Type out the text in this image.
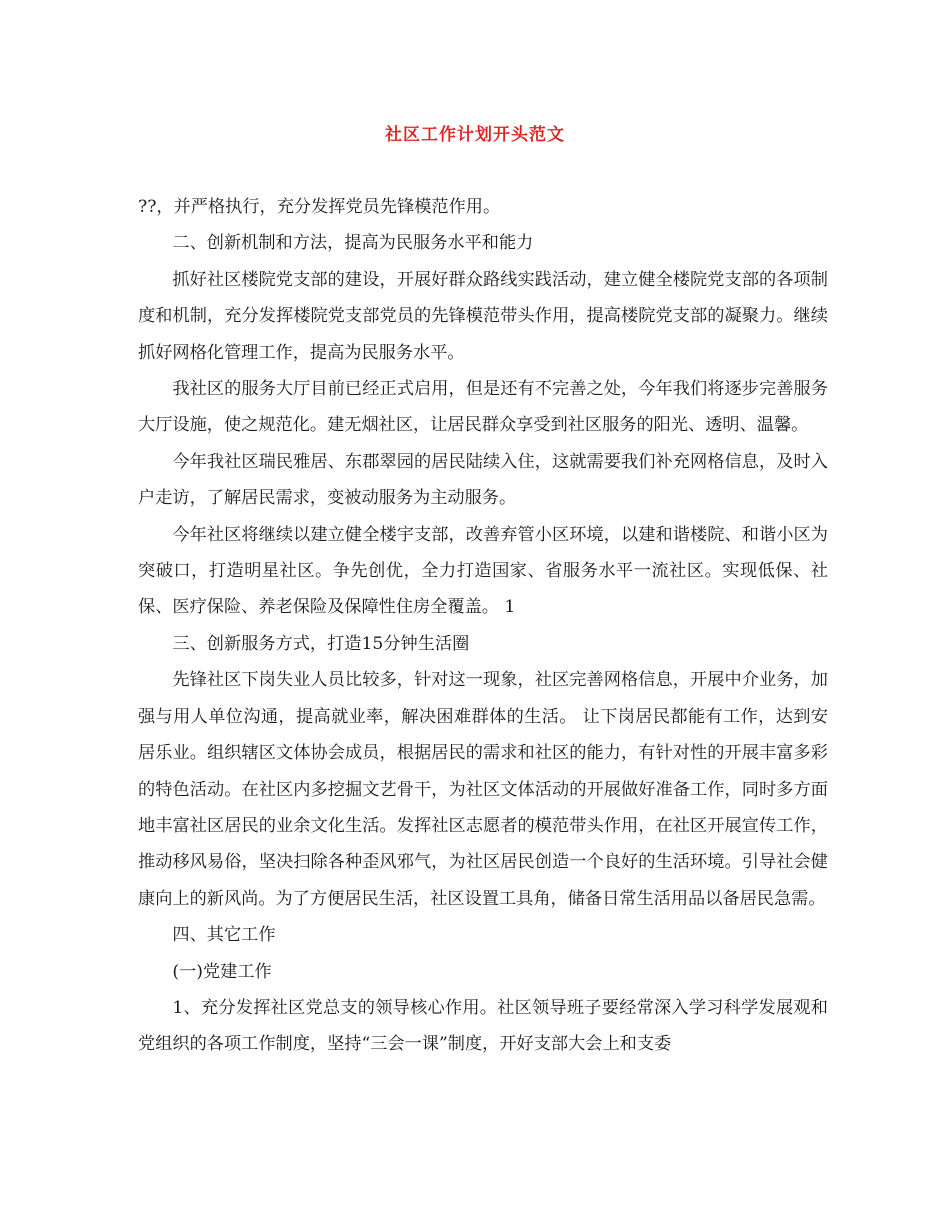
社区工作计划开头范文

??，并严格执行，充分发挥党员先锋模范作用。

二、创新机制和方法，提高为民服务水平和能力

抓好社区楼院党支部的建设，开展好群众路线实践活动，建立健全楼院党支部的各项制度和机制，充分发挥楼院党支部党员的先锋模范带头作用，提高楼院党支部的凝聚力。继续抓好网格化管理工作，提高为民服务水平。

我社区的服务大厅目前已经正式启用，但是还有不完善之处，今年我们将逐步完善服务大厅设施，使之规范化。建无烟社区，让居民群众享受到社区服务的阳光、透明、温馨。

今年我社区瑞民雅居、东郡翠园的居民陆续入住，这就需要我们补充网格信息，及时入户走访，了解居民需求，变被动服务为主动服务。

今年社区将继续以建立健全楼宇支部，改善弃管小区环境，以建和谐楼院、和谐小区为突破口，打造明星社区。争先创优，全力打造国家、省服务水平一流社区。实现低保、社保、医疗保险、养老保险及保障性住房全覆盖。 1

三、创新服务方式，打造15分钟生活圈

先锋社区下岗失业人员比较多，针对这一现象，社区完善网格信息，开展中介业务，加强与用人单位沟通，提高就业率，解决困难群体的生活。 让下岗居民都能有工作，达到安居乐业。组织辖区文体协会成员，根据居民的需求和社区的能力，有针对性的开展丰富多彩的特色活动。在社区内多挖掘文艺骨干，为社区文体活动的开展做好准备工作，同时多方面地丰富社区居民的业余文化生活。发挥社区志愿者的模范带头作用，在社区开展宣传工作，推动移风易俗，坚决扫除各种歪风邪气，为社区居民创造一个良好的生活环境。引导社会健康向上的新风尚。为了方便居民生活，社区设置工具角，储备日常生活用品以备居民急需。

四、其它工作

(一)党建工作

1、充分发挥社区党总支的领导核心作用。社区领导班子要经常深入学习科学发展观和党组织的各项工作制度，坚持“三会一课”制度，开好支部大会上和支委
